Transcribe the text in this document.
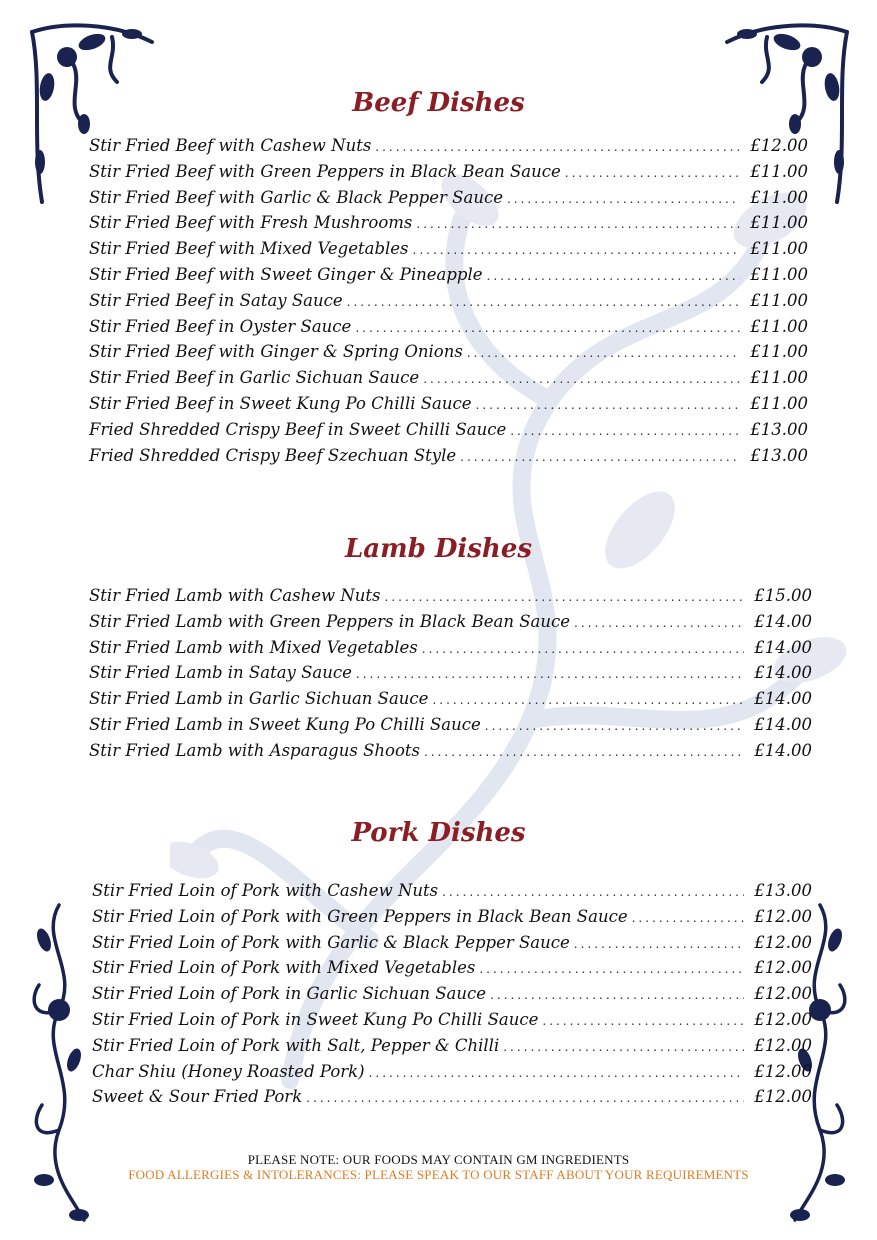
Beef Dishes
Stir Fried Beef with Cashew Nuts .....	£12.00
Stir Fried Beef with Green Peppers in Black Bean Sauce .....	£11.00
Stir Fried Beef with Garlic & Black Pepper Sauce .....	£11.00
Stir Fried Beef with Fresh Mushrooms .....	£11.00
Stir Fried Beef with Mixed Vegetables .....	£11.00
Stir Fried Beef with Sweet Ginger & Pineapple .....	£11.00
Stir Fried Beef in Satay Sauce .....	£11.00
Stir Fried Beef in Oyster Sauce .....	£11.00
Stir Fried Beef with Ginger & Spring Onions .....	£11.00
Stir Fried Beef in Garlic Sichuan Sauce .....	£11.00
Stir Fried Beef in Sweet Kung Po Chilli Sauce .....	£11.00
Fried Shredded Crispy Beef in Sweet Chilli Sauce .....	£13.00
Fried Shredded Crispy Beef Szechuan Style .....	£13.00
Lamb Dishes
Stir Fried Lamb with Cashew Nuts .....	£15.00
Stir Fried Lamb with Green Peppers in Black Bean Sauce .....	£14.00
Stir Fried Lamb with Mixed Vegetables .....	£14.00
Stir Fried Lamb in Satay Sauce .....	£14.00
Stir Fried Lamb in Garlic Sichuan Sauce .....	£14.00
Stir Fried Lamb in Sweet Kung Po Chilli Sauce .....	£14.00
Stir Fried Lamb with Asparagus Shoots .....	£14.00
Pork Dishes
Stir Fried Loin of Pork with Cashew Nuts .....	£13.00
Stir Fried Loin of Pork with Green Peppers in Black Bean Sauce .....	£12.00
Stir Fried Loin of Pork with Garlic & Black Pepper Sauce .....	£12.00
Stir Fried Loin of Pork with Mixed Vegetables .....	£12.00
Stir Fried Loin of Pork in Garlic Sichuan Sauce .....	£12.00
Stir Fried Loin of Pork in Sweet Kung Po Chilli Sauce .....	£12.00
Stir Fried Loin of Pork with Salt, Pepper & Chilli .....	£12.00
Char Shiu (Honey Roasted Pork) .....	£12.00
Sweet & Sour Fried Pork .....	£12.00

PLEASE NOTE: OUR FOODS MAY CONTAIN GM INGREDIENTS

FOOD ALLERGIES & INTOLERANCES: PLEASE SPEAK TO OUR STAFF ABOUT YOUR REQUIREMENTS
